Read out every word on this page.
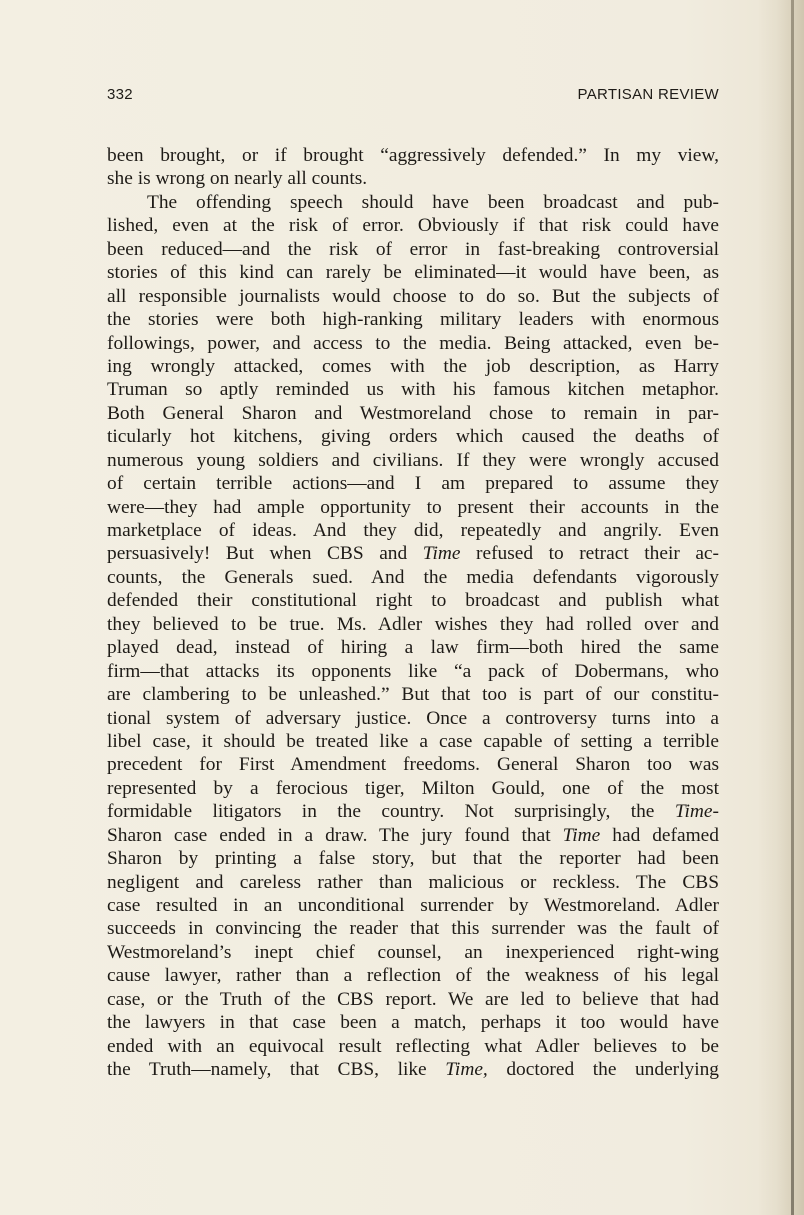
332	PARTISAN REVIEW
been brought, or if brought “aggressively defended.” In my view,
she is wrong on nearly all counts.
The offending speech should have been broadcast and pub-
lished, even at the risk of error. Obviously if that risk could have
been reduced—and the risk of error in fast-breaking controversial
stories of this kind can rarely be eliminated—it would have been, as
all responsible journalists would choose to do so. But the subjects of
the stories were both high-ranking military leaders with enormous
followings, power, and access to the media. Being attacked, even be-
ing wrongly attacked, comes with the job description, as Harry
Truman so aptly reminded us with his famous kitchen metaphor.
Both General Sharon and Westmoreland chose to remain in par-
ticularly hot kitchens, giving orders which caused the deaths of
numerous young soldiers and civilians. If they were wrongly accused
of certain terrible actions—and I am prepared to assume they
were—they had ample opportunity to present their accounts in the
marketplace of ideas. And they did, repeatedly and angrily. Even
persuasively! But when CBS and Time refused to retract their ac-
counts, the Generals sued. And the media defendants vigorously
defended their constitutional right to broadcast and publish what
they believed to be true. Ms. Adler wishes they had rolled over and
played dead, instead of hiring a law firm—both hired the same
firm—that attacks its opponents like “a pack of Dobermans, who
are clambering to be unleashed.” But that too is part of our constitu-
tional system of adversary justice. Once a controversy turns into a
libel case, it should be treated like a case capable of setting a terrible
precedent for First Amendment freedoms. General Sharon too was
represented by a ferocious tiger, Milton Gould, one of the most
formidable litigators in the country. Not surprisingly, the Time-
Sharon case ended in a draw. The jury found that Time had defamed
Sharon by printing a false story, but that the reporter had been
negligent and careless rather than malicious or reckless. The CBS
case resulted in an unconditional surrender by Westmoreland. Adler
succeeds in convincing the reader that this surrender was the fault of
Westmoreland’s inept chief counsel, an inexperienced right-wing
cause lawyer, rather than a reflection of the weakness of his legal
case, or the Truth of the CBS report. We are led to believe that had
the lawyers in that case been a match, perhaps it too would have
ended with an equivocal result reflecting what Adler believes to be
the Truth—namely, that CBS, like Time, doctored the underlying
